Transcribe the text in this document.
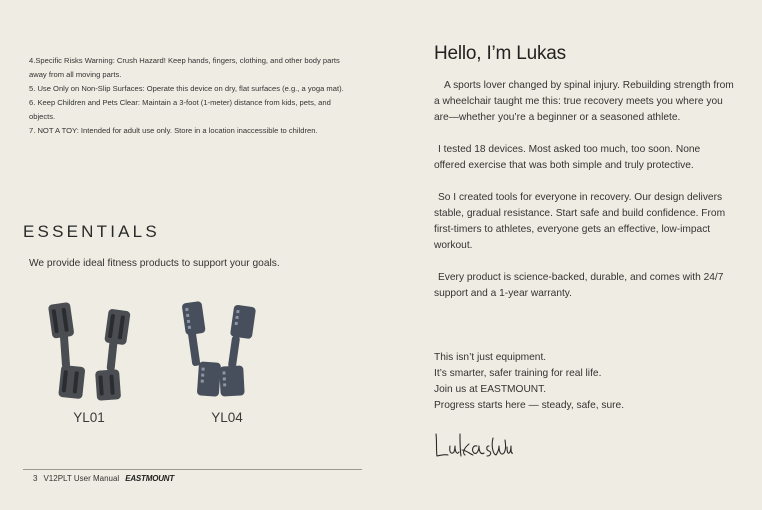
4.Specific Risks Warning: Crush Hazard! Keep hands, fingers, clothing, and other body parts away from all moving parts.

5. Use Only on Non-Slip Surfaces: Operate this device on dry, flat surfaces (e.g., a yoga mat).

6. Keep Children and Pets Clear: Maintain a 3-foot (1-meter) distance from kids, pets, and objects.

7. NOT A TOY: Intended for adult use only. Store in a location inaccessible to children.

ESSENTIALS

We provide ideal fitness products to support your goals.

YL01	YL04
3 V12PLT User Manual EASTMOUNT
Hello, I’m Lukas

A sports lover changed by spinal injury. Rebuilding strength from a wheelchair taught me this: true recovery meets you where you are—whether you’re a beginner or a seasoned athlete.

I tested 18 devices. Most asked too much, too soon. None offered exercise that was both simple and truly protective.

So I created tools for everyone in recovery. Our design delivers stable, gradual resistance. Start safe and build confidence. From first-timers to athletes, everyone gets an effective, low-impact workout.

Every product is science-backed, durable, and comes with 24/7 support and a 1-year warranty.

This isn’t just equipment.

It’s smarter, safer training for real life.

Join us at EASTMOUNT.

Progress starts here — steady, safe, sure.
